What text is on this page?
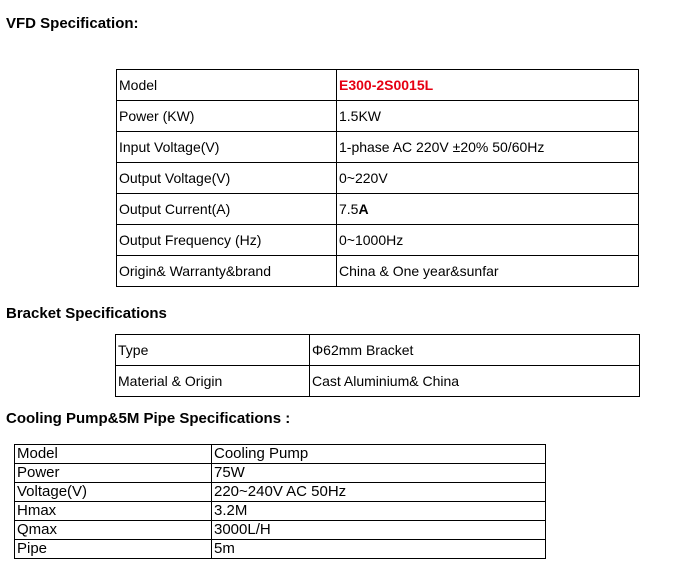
VFD Specification:
Model	E300-2S0015L
Power (KW)	1.5KW
Input Voltage(V)	1-phase AC 220V ±20% 50/60Hz
Output Voltage(V)	0~220V
Output Current(A)	7.5A
Output Frequency (Hz)	0~1000Hz
Origin& Warranty&brand	China & One year&sunfar
Bracket Specifications
Type	Φ62mm Bracket
Material & Origin	Cast Aluminium& China
Cooling Pump&5M Pipe Specifications :
Model	Cooling Pump
Power	75W
Voltage(V)	220~240V AC 50Hz
Hmax	3.2M
Qmax	3000L/H
Pipe	5m
